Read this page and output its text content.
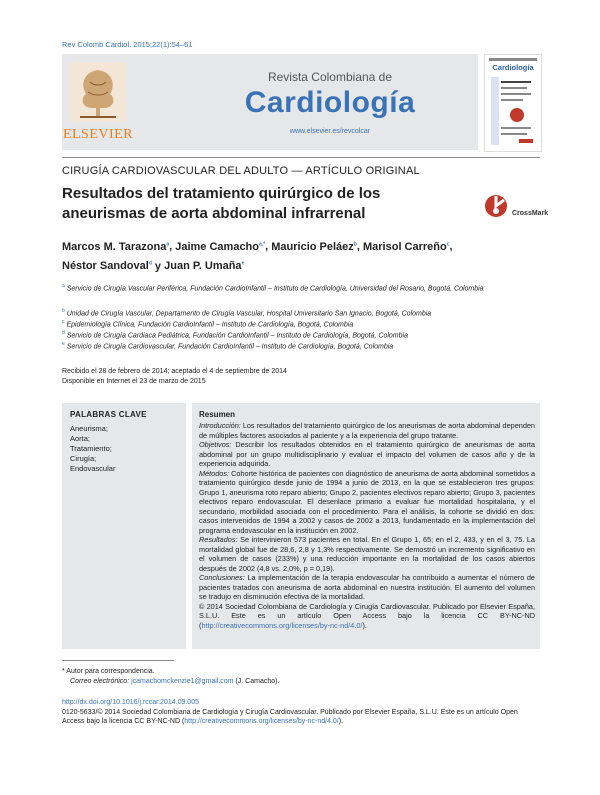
Rev Colomb Cardiol. 2015;22(1):54–61
ELSEVIER
Revista Colombiana de
Cardiología
www.elsevier.es/revcolcar
Cardiología
CIRUGÍA CARDIOVASCULAR DEL ADULTO — ARTÍCULO ORIGINAL
Resultados del tratamiento quirúrgico de los aneurismas de aorta abdominal infrarrenal	CrossMark
Marcos M. Tarazona$^a$, Jaime Camacho$^{a,*}$, Mauricio Peláez$^b$, Marisol Carreño$^c$,
Néstor Sandoval$^d$ y Juan P. Umaña$^e$
$^a$ Servicio de Cirugía Vascular Periférica, Fundación CardioInfantil – Instituto de Cardiología, Universidad del Rosario, Bogotá, Colombia
$^b$ Unidad de Cirugía Vascular, Departamento de Cirugía Vascular, Hospital Universitario San Ignacio, Bogotá, Colombia
$^c$ Epidemiología Clínica, Fundación CardioInfantil – Instituto de Cardiología, Bogotá, Colombia
$^d$ Servicio de Cirugía Cardiaca Pediátrica, Fundación CardioInfantil – Instituto de Cardiología, Bogotá, Colombia
$^e$ Servicio de Cirugía Cardiovascular, Fundación CardioInfantil – Instituto de Cardiología, Bogotá, Colombia
Recibido el 28 de febrero de 2014; aceptado el 4 de septiembre de 2014
Disponible en Internet el 23 de marzo de 2015
PALABRAS CLAVE
Aneurisma;
Aorta;
Tratamiento;
Cirugía;
Endovascular
Resumen

Introducción: Los resultados del tratamiento quirúrgico de los aneurismas de aorta abdominal dependen de múltiples factores asociados al paciente y a la experiencia del grupo tratante.

Objetivos: Describir los resultados obtenidos en el tratamiento quirúrgico de aneurismas de aorta abdominal por un grupo multidisciplinario y evaluar el impacto del volumen de casos año y de la experiencia adquirida.

Métodos: Cohorte histórica de pacientes con diagnóstico de aneurisma de aorta abdominal sometidos a tratamiento quirúrgico desde junio de 1994 a junio de 2013, en la que se establecieron tres grupos: Grupo 1, aneurisma roto reparo abierto; Grupo 2, pacientes electivos reparo abierto; Grupo 3, pacientes electivos reparo endovascular. El desenlace primario a evaluar fue mortalidad hospitalaria, y el secundario, morbilidad asociada con el procedimiento. Para el análisis, la cohorte se dividió en dos: casos intervenidos de 1994 a 2002 y casos de 2002 a 2013, fundamentado en la implementación del programa endovascular en la institución en 2002.

Resultados: Se intervinieron 573 pacientes en total. En el Grupo 1, 65; en el 2, 433, y en el 3, 75. La mortalidad global fue de 28,6, 2,8 y 1,3% respectivamente. Se demostró un incremento significativo en el volumen de casos (233%) y una reducción importante en la mortalidad de los casos abiertos después de 2002 (4,8 vs. 2,0%, p = 0,19).

Conclusiones: La implementación de la terapia endovascular ha contribuido a aumentar el número de pacientes tratados con aneurisma de aorta abdominal en nuestra institución. El aumento del volumen se tradujo en disminución efectiva de la mortalidad.

© 2014 Sociedad Colombiana de Cardiología y Cirugía Cardiovascular. Publicado por Elsevier España, S.L.U. Este es un artículo Open Access bajo la licencia CC BY-NC-ND (http://creativecommons.org/licenses/by-nc-nd/4.0/).

* Autor para correspondencia.
Correo electrónico: jcamachomckenzie1@gmail.com (J. Camacho).
http://dx.doi.org/10.1016/j.rccar.2014.09.005
0120-5633/© 2014 Sociedad Colombiana de Cardiología y Cirugía Cardiovascular. Publicado por Elsevier España, S.L.U. Este es un artículo Open Access bajo la licencia CC BY-NC-ND (http://creativecommons.org/licenses/by-nc-nd/4.0/).
